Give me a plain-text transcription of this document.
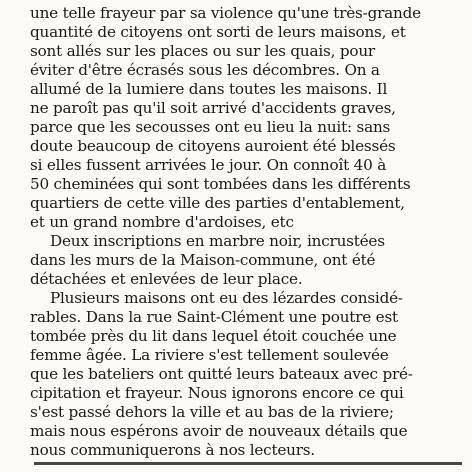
une telle frayeur par sa violence qu'une très-grande
quantité de citoyens ont sorti de leurs maisons, et
sont allés sur les places ou sur les quais, pour
éviter d'être écrasés sous les décombres. On a
allumé de la lumiere dans toutes les maisons. Il
ne paroît pas qu'il soit arrivé d'accidents graves,
parce que les secousses ont eu lieu la nuit: sans
doute beaucoup de citoyens auroient été blessés
si elles fussent arrivées le jour. On connoît 40 à
50 cheminées qui sont tombées dans les différents
quartiers de cette ville des parties d'entablement,
et un grand nombre d'ardoises, etc

Deux inscriptions en marbre noir, incrustées
dans les murs de la Maison-commune, ont été
détachées et enlevées de leur place.

Plusieurs maisons ont eu des lézardes considé-
rables. Dans la rue Saint-Clément une poutre est
tombée près du lit dans lequel étoit couchée une
femme âgée. La riviere s'est tellement soulevée
que les bateliers ont quitté leurs bateaux avec pré-
cipitation et frayeur. Nous ignorons encore ce qui
s'est passé dehors la ville et au bas de la riviere;
mais nous espérons avoir de nouveaux détails que
nous communiquerons à nos lecteurs.
